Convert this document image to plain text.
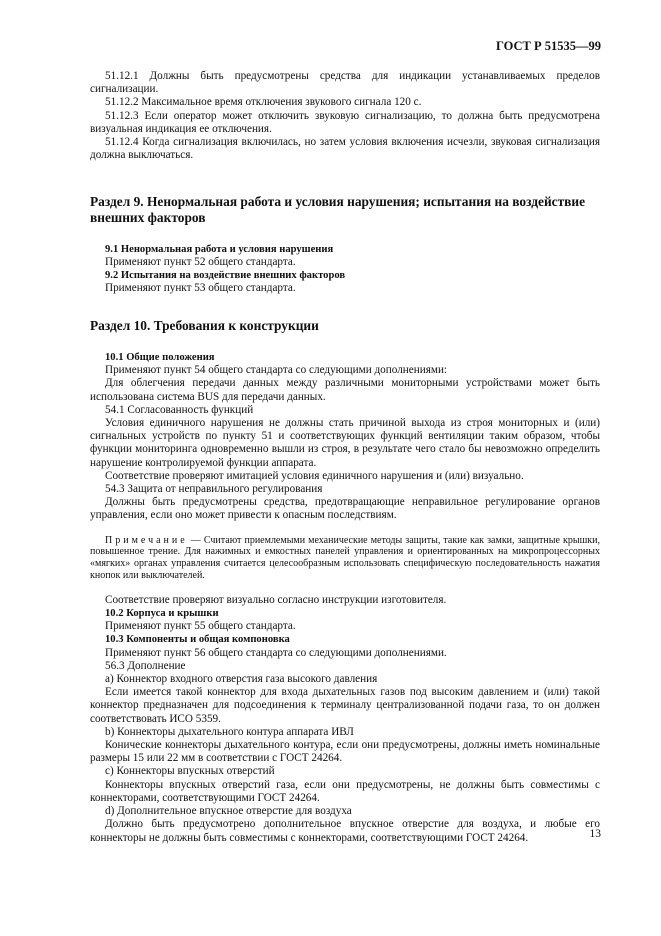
ГОСТ Р 51535—99

51.12.1 Должны быть предусмотрены средства для индикации устанавливаемых пределов сигнализации.

51.12.2 Максимальное время отключения звукового сигнала 120 с.

51.12.3 Если оператор может отключить звуковую сигнализацию, то должна быть предусмотрена визуальная индикация ее отключения.

51.12.4 Когда сигнализация включилась, но затем условия включения исчезли, звуковая сигнализация должна выключаться.

Раздел 9. Ненормальная работа и условия нарушения; испытания на воздействие внешних факторов

9.1 Ненормальная работа и условия нарушения

Применяют пункт 52 общего стандарта.

9.2 Испытания на воздействие внешних факторов

Применяют пункт 53 общего стандарта.

Раздел 10. Требования к конструкции

10.1 Общие положения

Применяют пункт 54 общего стандарта со следующими дополнениями:

Для облегчения передачи данных между различными мониторными устройствами может быть использована система BUS для передачи данных.

54.1 Согласованность функций

Условия единичного нарушения не должны стать причиной выхода из строя мониторных и (или) сигнальных устройств по пункту 51 и соответствующих функций вентиляции таким образом, чтобы функции мониторинга одновременно вышли из строя, в результате чего стало бы невозможно определить нарушение контролируемой функции аппарата.

Соответствие проверяют имитацией условия единичного нарушения и (или) визуально.

54.3 Защита от неправильного регулирования

Должны быть предусмотрены средства, предотвращающие неправильное регулирование органов управления, если оно может привести к опасным последствиям.

Примечание — Считают приемлемыми механические методы защиты, такие как замки, защитные крышки, повышенное трение. Для нажимных и емкостных панелей управления и ориентированных на микропроцессорных «мягких» органах управления считается целесообразным использовать специфическую последовательность нажатия кнопок или выключателей.

Соответствие проверяют визуально согласно инструкции изготовителя.

10.2 Корпуса и крышки

Применяют пункт 55 общего стандарта.

10.3 Компоненты и общая компоновка

Применяют пункт 56 общего стандарта со следующими дополнениями.

56.3 Дополнение

a) Коннектор входного отверстия газа высокого давления

Если имеется такой коннектор для входа дыхательных газов под высоким давлением и (или) такой коннектор предназначен для подсоединения к терминалу централизованной подачи газа, то он должен соответствовать ИСО 5359.

b) Коннекторы дыхательного контура аппарата ИВЛ

Конические коннекторы дыхательного контура, если они предусмотрены, должны иметь номинальные размеры 15 или 22 мм в соответствии с ГОСТ 24264.

c) Коннекторы впускных отверстий

Коннекторы впускных отверстий газа, если они предусмотрены, не должны быть совместимы с коннекторами, соответствующими ГОСТ 24264.

d) Дополнительное впускное отверстие для воздуха

Должно быть предусмотрено дополнительное впускное отверстие для воздуха, и любые его коннекторы не должны быть совместимы с коннекторами, соответствующими ГОСТ 24264.	13
